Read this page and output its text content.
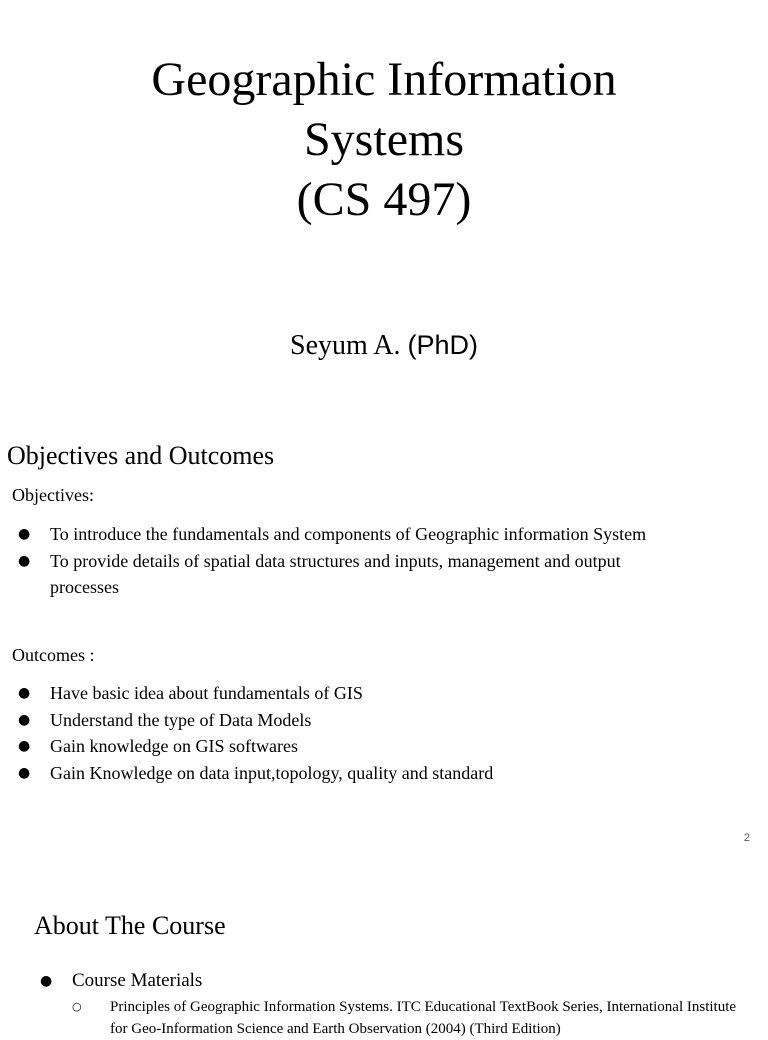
Geographic Information
Systems
(CS 497)
Seyum A. (PhD)
Objectives and Outcomes
Objectives:
● To introduce the fundamentals and components of Geographic information System
● To provide details of spatial data structures and inputs, management and output processes
Outcomes :
● Have basic idea about fundamentals of GIS
● Understand the type of Data Models
● Gain knowledge on GIS softwares
● Gain Knowledge on data input,topology, quality and standard
2
About The Course
● Course Materials
○ Principles of Geographic Information Systems. ITC Educational TextBook Series, International Institute for Geo-Information Science and Earth Observation (2004) (Third Edition)
